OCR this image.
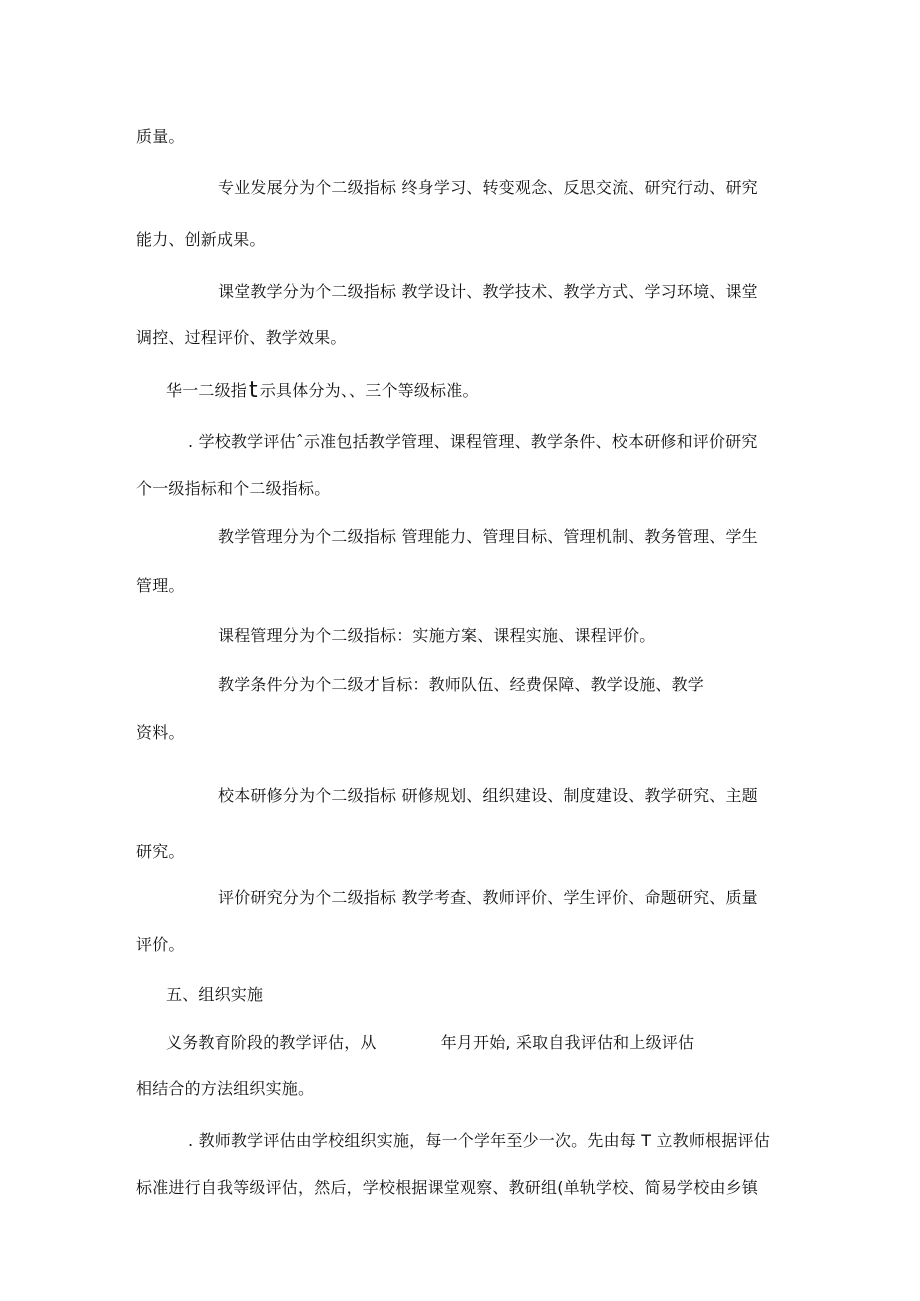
质量。
专业发展分为个二级指标 终身学习、转变观念、反思交流、研究行动、研究
能力、创新成果。
课堂教学分为个二级指标 教学设计、教学技术、教学方式、学习环境、课堂
调控、过程评价、教学效果。
华一二级指t 示具体分为、、三个等级标准。
. 学校教学评估ˆ示准包括教学管理、课程管理、教学条件、校本研修和评价研究
个一级指标和个二级指标。
教学管理分为个二级指标 管理能力、管理目标、管理机制、教务管理、学生
管理。
课程管理分为个二级指标：实施方案、课程实施、课程评价。
教学条件分为个二级才旨标：教师队伍、经费保障、教学设施、教学
资料。
校本研修分为个二级指标 研修规划、组织建设、制度建设、教学研究、主题
研究。
评价研究分为个二级指标 教学考查、教师评价、学生评价、命题研究、质量
评价。
五、组织实施
义务教育阶段的教学评估，从	年月开始, 采取自我评估和上级评估
相结合的方法组织实施。
. 教师教学评估由学校组织实施，每一个学年至少一次。先由每 T 立教师根据评估
标准进行自我等级评估，然后，学校根据课堂观察、教研组(单轨学校、简易学校由乡镇
